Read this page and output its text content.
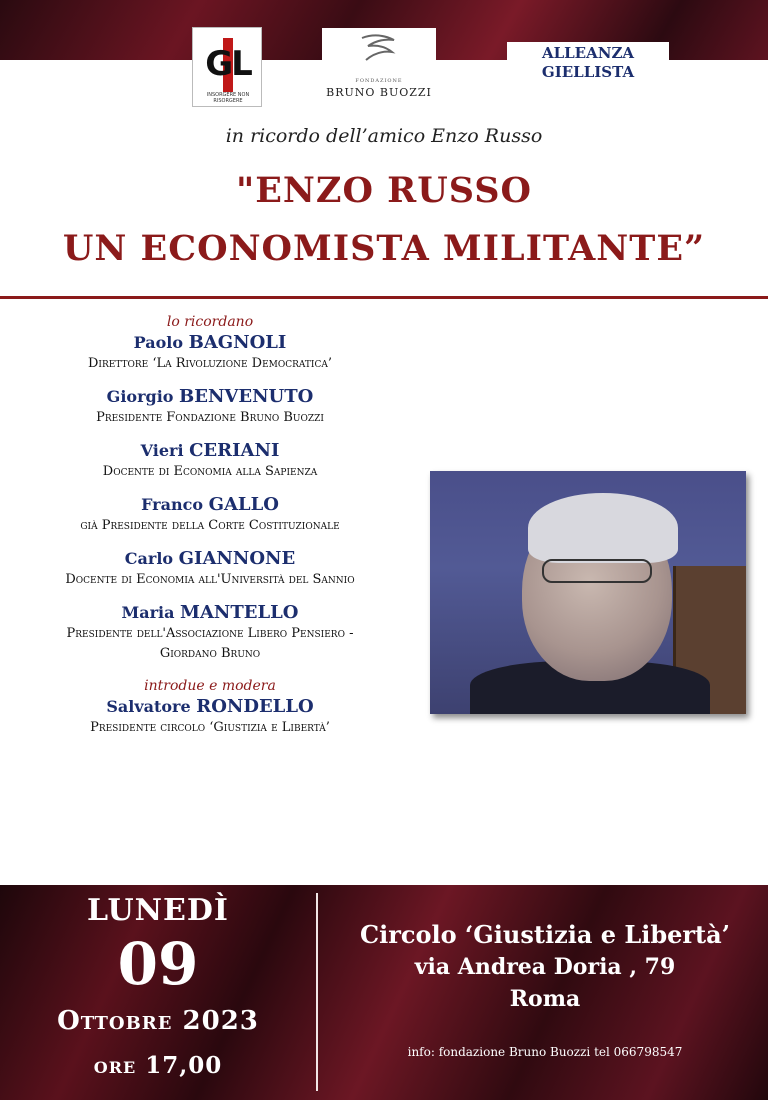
GL
INSORGERE NON RISORGERE
FONDAZIONE
BRUNO BUOZZI
ALLEANZA
GIELLISTA
in ricordo dell’amico Enzo Russo
"ENZO RUSSO
UN ECONOMISTA MILITANTE”
lo ricordano
Paolo BAGNOLI
Direttore ‘La Rivoluzione Democratica’
Giorgio BENVENUTO
Presidente Fondazione Bruno Buozzi
Vieri CERIANI
Docente di Economia alla Sapienza
Franco GALLO
già Presidente della Corte Costituzionale
Carlo GIANNONE
Docente di Economia all'Università del Sannio
Maria MANTELLO
Presidente dell'Associazione Libero Pensiero -
Giordano Bruno
introdue e modera
Salvatore RONDELLO
Presidente circolo ‘Giustizia e Libertà’
LUNEDÌ
09
Ottobre 2023
ore 17,00
Circolo ‘Giustizia e Libertà’
via Andrea Doria , 79
Roma
info: fondazione Bruno Buozzi tel 066798547
